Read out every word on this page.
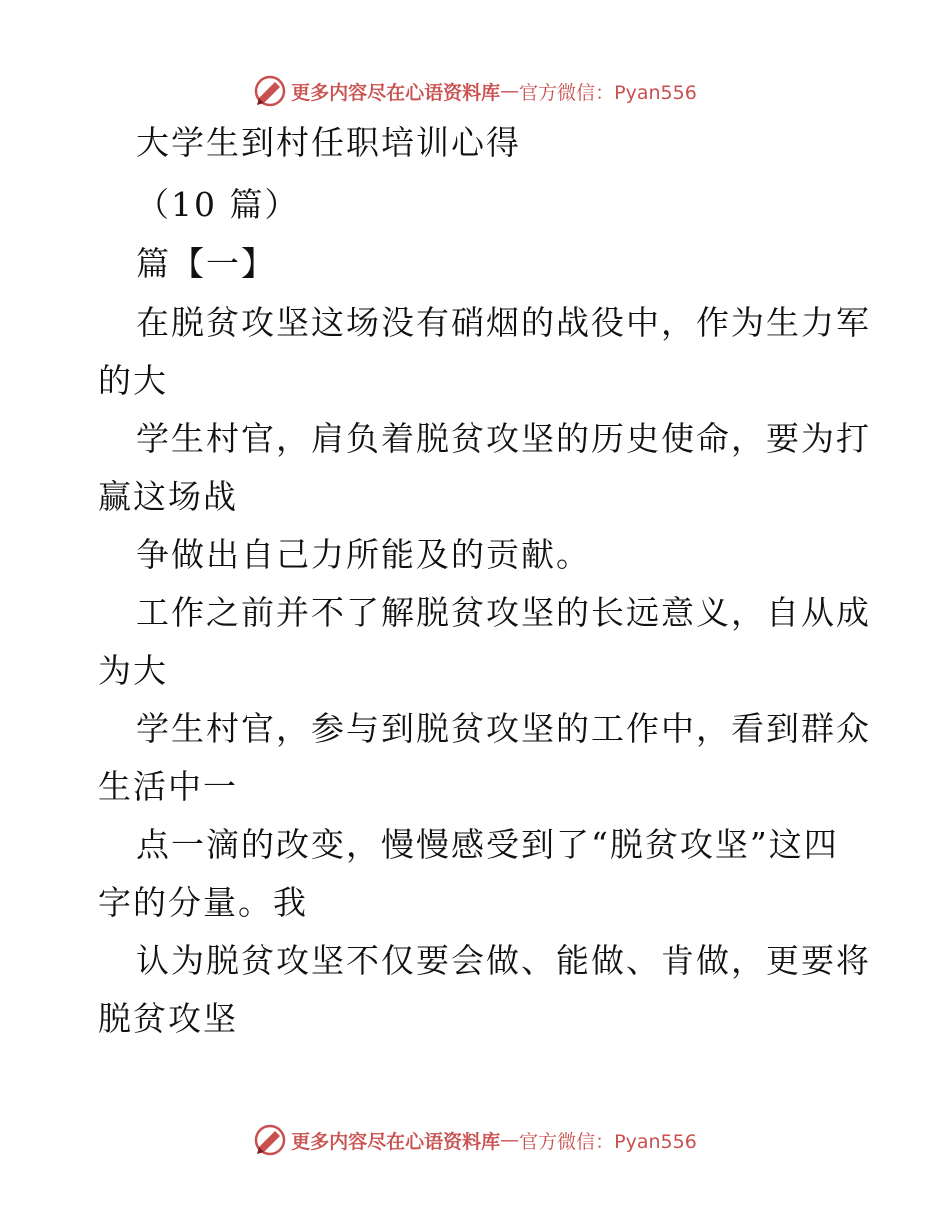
更多内容尽在心语资料库 — 官方微信：Pyan556
大学生到村任职培训心得
（10 篇）
篇【一】
在脱贫攻坚这场没有硝烟的战役中，作为生力军
的大
学生村官，肩负着脱贫攻坚的历史使命，要为打
赢这场战
争做出自己力所能及的贡献。
工作之前并不了解脱贫攻坚的长远意义，自从成
为大
学生村官，参与到脱贫攻坚的工作中，看到群众
生活中一
点一滴的改变，慢慢感受到了“脱贫攻坚”这四
字的分量。我
认为脱贫攻坚不仅要会做、能做、肯做，更要将
脱贫攻坚
更多内容尽在心语资料库 — 官方微信：Pyan556
